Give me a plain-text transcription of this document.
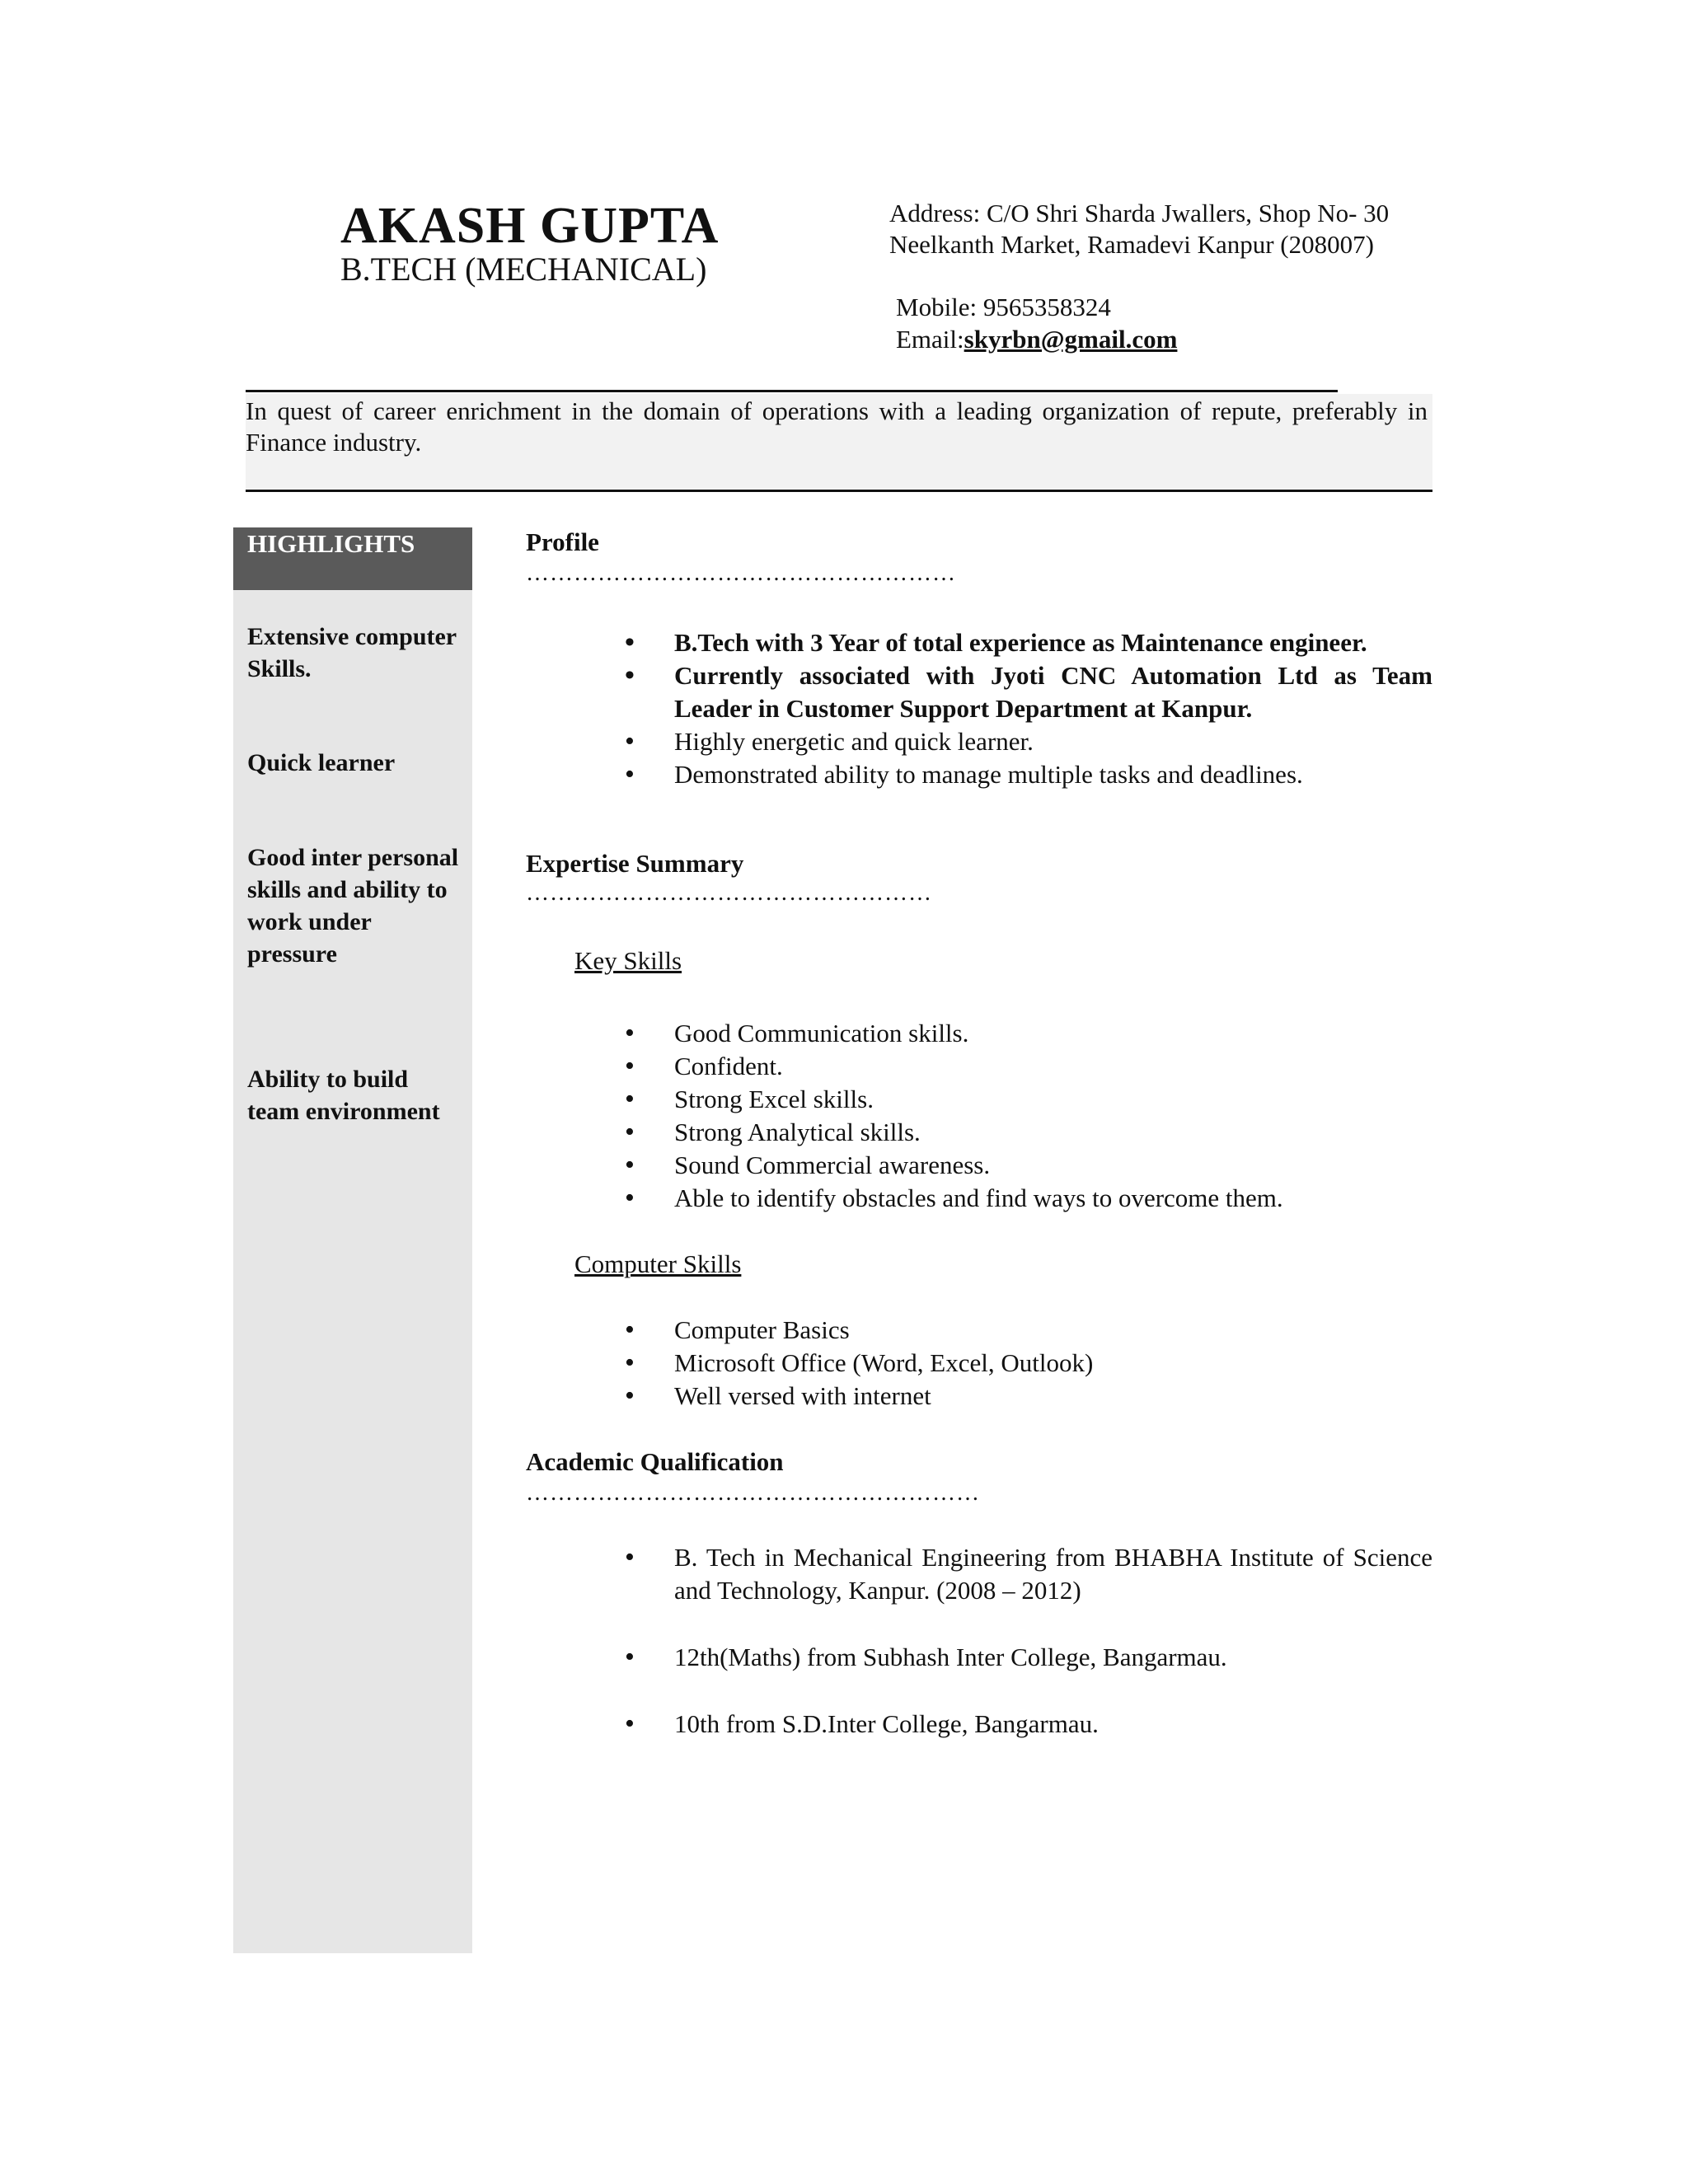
AKASH GUPTA
B.TECH (MECHANICAL)
Address: C/O Shri Sharda Jwallers, Shop No- 30
Neelkanth Market, Ramadevi Kanpur (208007)
Mobile: 9565358324
Email:skyrbn@gmail.com
In quest of career enrichment in the domain of operations with a leading organization of repute, preferably in Finance industry.
HIGHLIGHTS
Extensive computer Skills.
Quick learner
Good inter personal skills and ability to work under pressure
Ability to build team environment
Profile
………………………………………………
• B.Tech with 3 Year of total experience as Maintenance engineer.
• Currently associated with Jyoti CNC Automation Ltd as Team Leader in Customer Support Department at Kanpur.
• Highly energetic and quick learner.
• Demonstrated ability to manage multiple tasks and deadlines.
Expertise Summary
……………………………………………
Key Skills
• Good Communication skills.
• Confident.
• Strong Excel skills.
• Strong Analytical skills.
• Sound Commercial awareness.
• Able to identify obstacles and find ways to overcome them.
Computer Skills
• Computer Basics
• Microsoft Office (Word, Excel, Outlook)
• Well versed with internet
Academic Qualification
…………………………………………………
• B. Tech in Mechanical Engineering from BHABHA Institute of Science and Technology, Kanpur. (2008 – 2012)
• 12th(Maths) from Subhash Inter College, Bangarmau.
• 10th from S.D.Inter College, Bangarmau.
